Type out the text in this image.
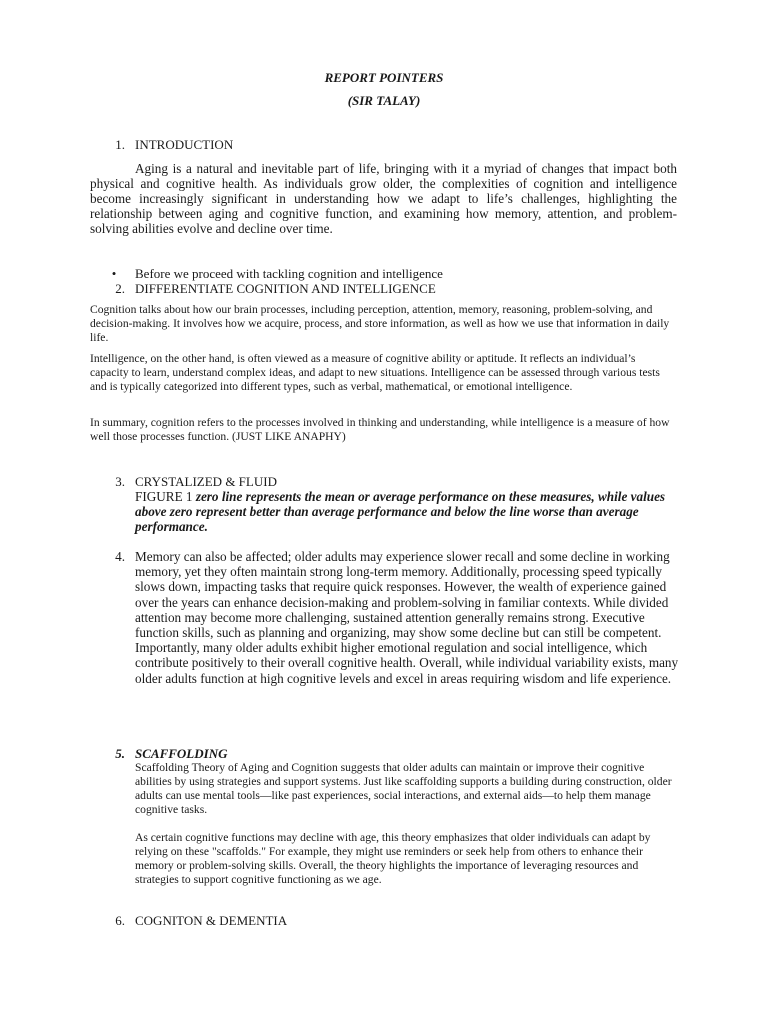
REPORT POINTERS

(SIR TALAY)

1. INTRODUCTION

Aging is a natural and inevitable part of life, bringing with it a myriad of changes that impact both physical and cognitive health. As individuals grow older, the complexities of cognition and intelligence become increasingly significant in understanding how we adapt to life’s challenges, highlighting the relationship between aging and cognitive function, and examining how memory, attention, and problem-solving abilities evolve and decline over time.

• Before we proceed with tackling cognition and intelligence

2. DIFFERENTIATE COGNITION AND INTELLIGENCE

Cognition talks about how our brain processes, including perception, attention, memory, reasoning, problem-solving, and decision-making. It involves how we acquire, process, and store information, as well as how we use that information in daily life.

Intelligence, on the other hand, is often viewed as a measure of cognitive ability or aptitude. It reflects an individual’s capacity to learn, understand complex ideas, and adapt to new situations. Intelligence can be assessed through various tests and is typically categorized into different types, such as verbal, mathematical, or emotional intelligence.

In summary, cognition refers to the processes involved in thinking and understanding, while intelligence is a measure of how well those processes function. (JUST LIKE ANAPHY)

3. CRYSTALIZED & FLUID

FIGURE 1 zero line represents the mean or average performance on these measures, while values above zero represent better than average performance and below the line worse than average performance.

4. Memory can also be affected; older adults may experience slower recall and some decline in working memory, yet they often maintain strong long-term memory. Additionally, processing speed typically slows down, impacting tasks that require quick responses. However, the wealth of experience gained over the years can enhance decision-making and problem-solving in familiar contexts. While divided attention may become more challenging, sustained attention generally remains strong. Executive function skills, such as planning and organizing, may show some decline but can still be competent. Importantly, many older adults exhibit higher emotional regulation and social intelligence, which contribute positively to their overall cognitive health. Overall, while individual variability exists, many older adults function at high cognitive levels and excel in areas requiring wisdom and life experience.

5. SCAFFOLDING

Scaffolding Theory of Aging and Cognition suggests that older adults can maintain or improve their cognitive abilities by using strategies and support systems. Just like scaffolding supports a building during construction, older adults can use mental tools—like past experiences, social interactions, and external aids—to help them manage cognitive tasks.

As certain cognitive functions may decline with age, this theory emphasizes that older individuals can adapt by relying on these "scaffolds." For example, they might use reminders or seek help from others to enhance their memory or problem-solving skills. Overall, the theory highlights the importance of leveraging resources and strategies to support cognitive functioning as we age.

6. COGNITON & DEMENTIA
